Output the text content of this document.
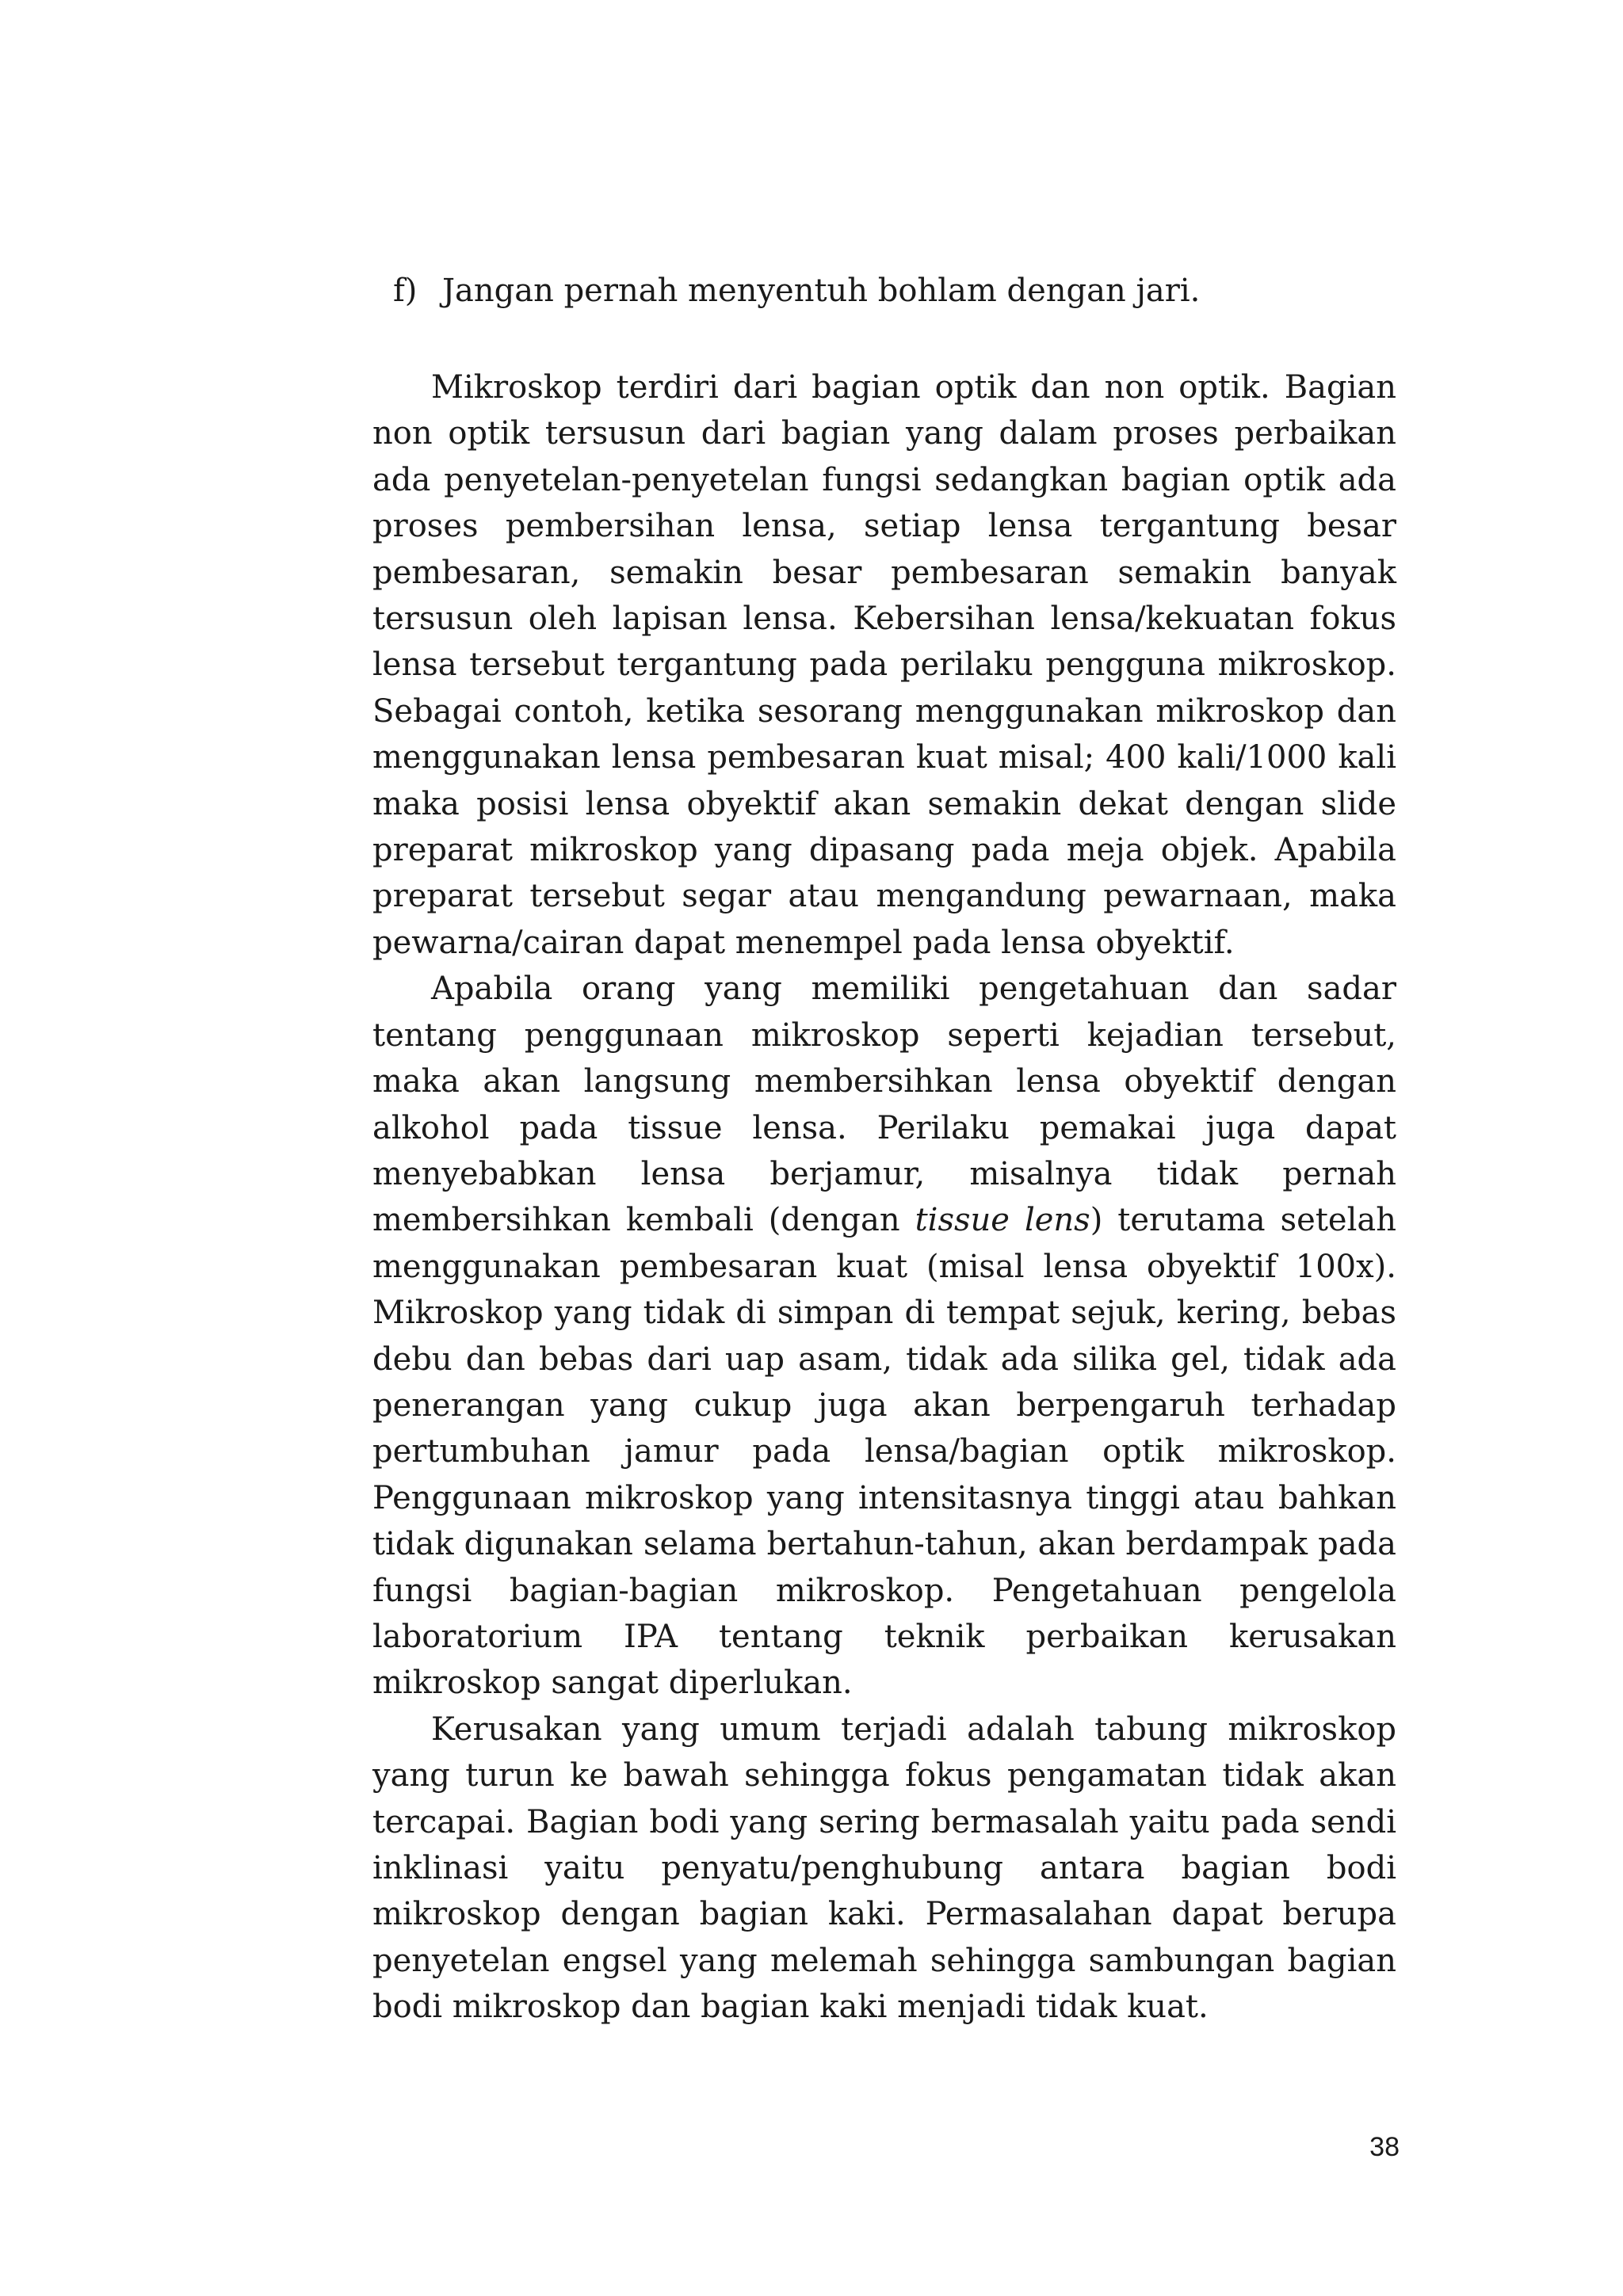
f) Jangan pernah menyentuh bohlam dengan jari.

Mikroskop terdiri dari bagian optik dan non optik. Bagian non optik tersusun dari bagian yang dalam proses perbaikan ada penyetelan-penyetelan fungsi sedangkan bagian optik ada proses pembersihan lensa, setiap lensa tergantung besar pembesaran, semakin besar pembesaran semakin banyak tersusun oleh lapisan lensa. Kebersihan lensa/kekuatan fokus lensa tersebut tergantung pada perilaku pengguna mikroskop. Sebagai contoh, ketika sesorang menggunakan mikroskop dan menggunakan lensa pembesaran kuat misal; 400 kali/1000 kali maka posisi lensa obyektif akan semakin dekat dengan slide preparat mikroskop yang dipasang pada meja objek. Apabila preparat tersebut segar atau mengandung pewarnaan, maka pewarna/cairan dapat menempel pada lensa obyektif.

Apabila orang yang memiliki pengetahuan dan sadar tentang penggunaan mikroskop seperti kejadian tersebut, maka akan langsung membersihkan lensa obyektif dengan alkohol pada tissue lensa. Perilaku pemakai juga dapat menyebabkan lensa berjamur, misalnya tidak pernah membersihkan kembali (dengan tissue lens) terutama setelah menggunakan pembesaran kuat (misal lensa obyektif 100x). Mikroskop yang tidak di simpan di tempat sejuk, kering, bebas debu dan bebas dari uap asam, tidak ada silika gel, tidak ada penerangan yang cukup juga akan berpengaruh terhadap pertumbuhan jamur pada lensa/bagian optik mikroskop. Penggunaan mikroskop yang intensitasnya tinggi atau bahkan tidak digunakan selama bertahun-tahun, akan berdampak pada fungsi bagian-bagian mikroskop. Pengetahuan pengelola laboratorium IPA tentang teknik perbaikan kerusakan mikroskop sangat diperlukan.

Kerusakan yang umum terjadi adalah tabung mikroskop yang turun ke bawah sehingga fokus pengamatan tidak akan tercapai. Bagian bodi yang sering bermasalah yaitu pada sendi inklinasi yaitu penyatu/penghubung antara bagian bodi mikroskop dengan bagian kaki. Permasalahan dapat berupa penyetelan engsel yang melemah sehingga sambungan bagian bodi mikroskop dan bagian kaki menjadi tidak kuat.

38
